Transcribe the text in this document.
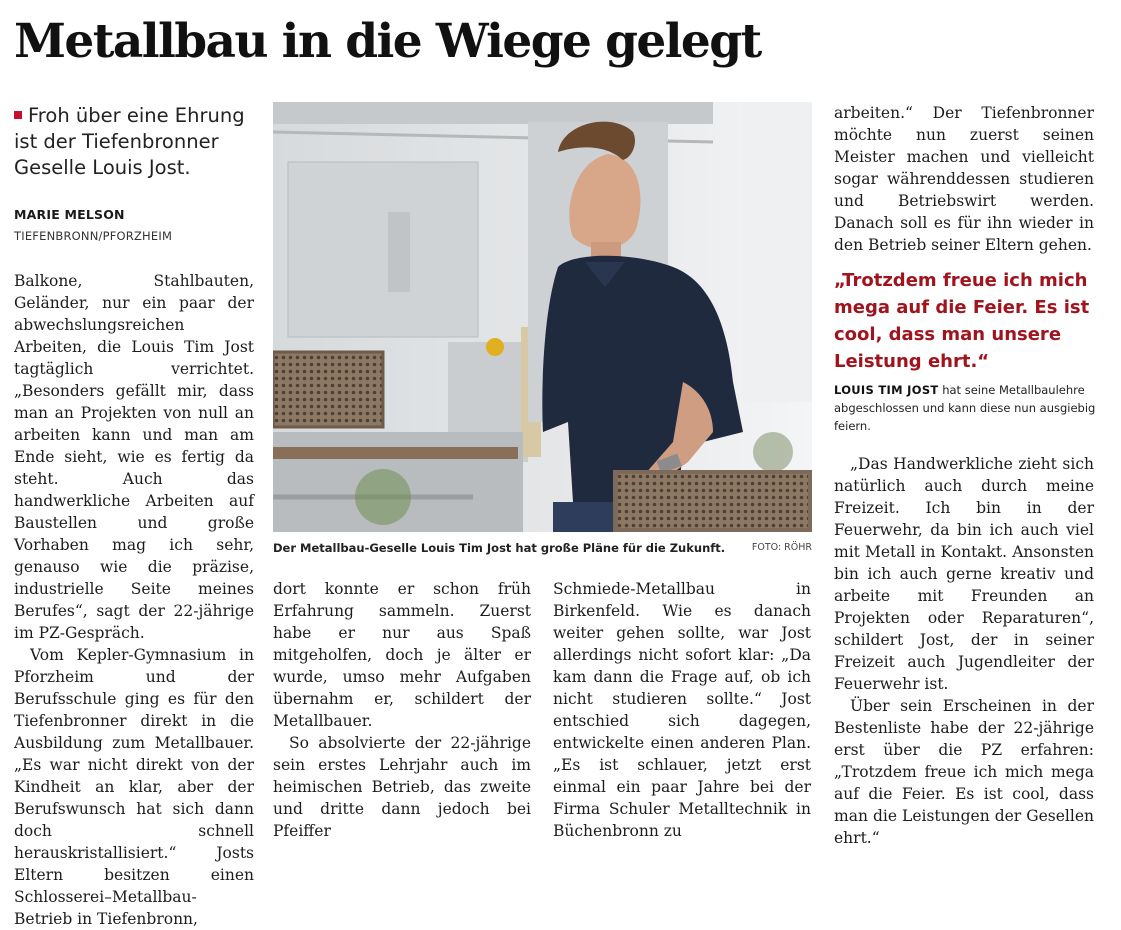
Metallbau in die Wiege gelegt
Froh über eine Ehrung ist der Tiefenbronner Geselle Louis Jost.
MARIE MELSON
TIEFENBRONN/PFORZHEIM

Balkone, Stahlbauten, Geländer, nur ein paar der abwechslungsreichen Arbeiten, die Louis Tim Jost tagtäglich verrichtet. „Besonders gefällt mir, dass man an Projekten von null an arbeiten kann und man am Ende sieht, wie es fertig da steht. Auch das handwerkliche Arbeiten auf Baustellen und große Vorhaben mag ich sehr, genauso wie die präzise, industrielle Seite meines Berufes“, sagt der 22-jährige im PZ-Gespräch.

Vom Kepler-Gymnasium in Pforzheim und der Berufsschule ging es für den Tiefenbronner direkt in die Ausbildung zum Metallbauer. „Es war nicht direkt von der Kindheit an klar, aber der Berufswunsch hat sich dann doch schnell herauskristallisiert.“ Josts Eltern besitzen einen Schlosserei–Metallbau-Betrieb in Tiefenbronn,

Der Metallbau-Geselle Louis Tim Jost hat große Pläne für die Zukunft.	FOTO: RÖHR

dort konnte er schon früh Erfahrung sammeln. Zuerst habe er nur aus Spaß mitgeholfen, doch je älter er wurde, umso mehr Aufgaben übernahm er, schildert der Metallbauer.

So absolvierte der 22-jährige sein erstes Lehrjahr auch im heimischen Betrieb, das zweite und dritte dann jedoch bei Pfeiffer

Schmiede-Metallbau in Birkenfeld. Wie es danach weiter gehen sollte, war Jost allerdings nicht sofort klar: „Da kam dann die Frage auf, ob ich nicht studieren sollte.“ Jost entschied sich dagegen, entwickelte einen anderen Plan. „Es ist schlauer, jetzt erst einmal ein paar Jahre bei der Firma Schuler Metalltechnik in Büchenbronn zu

arbeiten.“ Der Tiefenbronner möchte nun zuerst seinen Meister machen und vielleicht sogar währenddessen studieren und Betriebswirt werden. Danach soll es für ihn wieder in den Betrieb seiner Eltern gehen.

„Trotzdem freue ich mich mega auf die Feier. Es ist cool, dass man unsere Leistung ehrt.“
LOUIS TIM JOST hat seine Metallbaulehre abgeschlossen und kann diese nun ausgiebig feiern.

„Das Handwerkliche zieht sich natürlich auch durch meine Freizeit. Ich bin in der Feuerwehr, da bin ich auch viel mit Metall in Kontakt. Ansonsten bin ich auch gerne kreativ und arbeite mit Freunden an Projekten oder Reparaturen“, schildert Jost, der in seiner Freizeit auch Jugendleiter der Feuerwehr ist.

Über sein Erscheinen in der Bestenliste habe der 22-jährige erst über die PZ erfahren: „Trotzdem freue ich mich mega auf die Feier. Es ist cool, dass man die Leistungen der Gesellen ehrt.“
